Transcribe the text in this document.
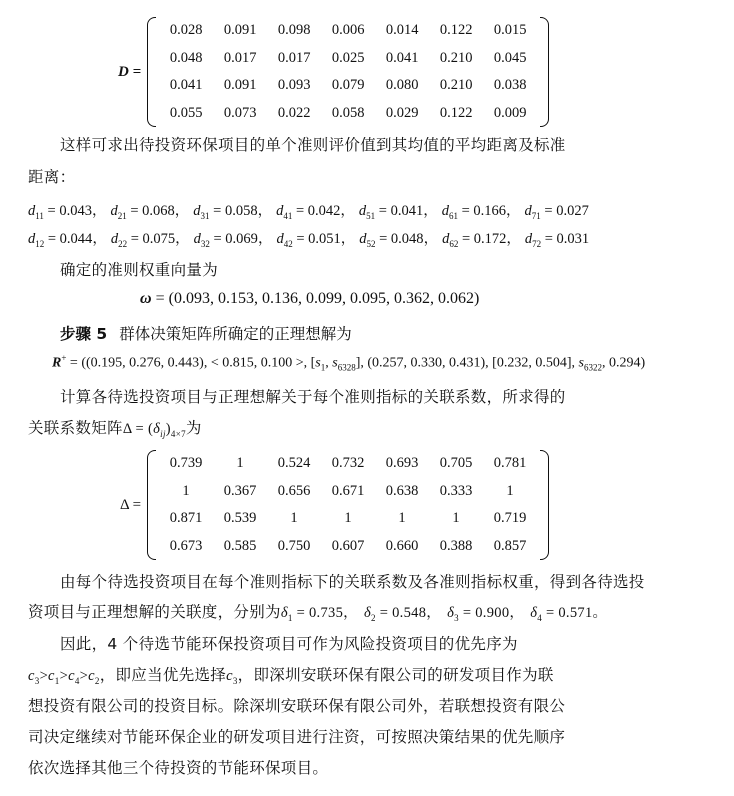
D =
0.028	0.091	0.098	0.006	0.014	0.122	0.015
0.048	0.017	0.017	0.025	0.041	0.210	0.045
0.041	0.091	0.093	0.079	0.080	0.210	0.038
0.055	0.073	0.022	0.058	0.029	0.122	0.009
这样可求出待投资环保项目的单个准则评价值到其均值的平均距离及标准
距离：
$d_{11} = 0.043$， $d_{21} = 0.068$， $d_{31} = 0.058$， $d_{41} = 0.042$， $d_{51} = 0.041$， $d_{61} = 0.166$， $d_{71} = 0.027$
$d_{12} = 0.044$， $d_{22} = 0.075$， $d_{32} = 0.069$， $d_{42} = 0.051$， $d_{52} = 0.048$， $d_{62} = 0.172$， $d_{72} = 0.031$
确定的准则权重向量为
ω = (0.093, 0.153, 0.136, 0.099, 0.095, 0.362, 0.062)
步骤 5 群体决策矩阵所确定的正理想解为
R+ = ((0.195, 0.276, 0.443), < 0.815, 0.100 >, [$s_1$, $s_{6328}$], (0.257, 0.330, 0.431), [0.232, 0.504], $s_{6322}$, 0.294)
计算各待选投资项目与正理想解关于每个准则指标的关联系数，所求得的
关联系数矩阵$\Delta = (\delta_{ij})_{4\times 7}$为
Δ =
0.739	1	0.524	0.732	0.693	0.705	0.781
1	0.367	0.656	0.671	0.638	0.333	1
0.871	0.539	1	1	1	1	0.719
0.673	0.585	0.750	0.607	0.660	0.388	0.857
由每个待选投资项目在每个准则指标下的关联系数及各准则指标权重，得到各待选投
资项目与正理想解的关联度，分别为$\delta_1 = 0.735$， $\delta_2 = 0.548$， $\delta_3 = 0.900$， $\delta_4 = 0.571$。
因此，4 个待选节能环保投资项目可作为风险投资项目的优先序为
$c_3>c_1>c_4>c_2$，即应当优先选择$c_3$，即深圳安联环保有限公司的研发项目作为联
想投资有限公司的投资目标。除深圳安联环保有限公司外，若联想投资有限公
司决定继续对节能环保企业的研发项目进行注资，可按照决策结果的优先顺序
依次选择其他三个待投资的节能环保项目。
